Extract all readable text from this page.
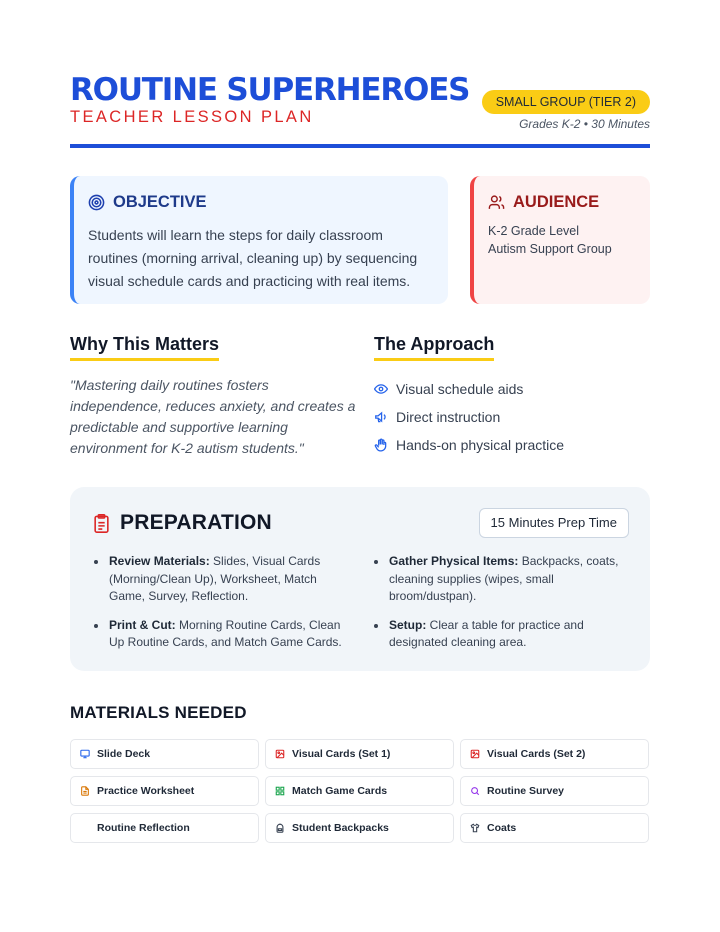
ROUTINE SUPERHEROES
TEACHER LESSON PLAN
SMALL GROUP (TIER 2)
Grades K-2 • 30 Minutes
OBJECTIVE
Students will learn the steps for daily classroom routines (morning arrival, cleaning up) by sequencing visual schedule cards and practicing with real items.
AUDIENCE
K-2 Grade Level
Autism Support Group
Why This Matters
"Mastering daily routines fosters independence, reduces anxiety, and creates a predictable and supportive learning environment for K-2 autism students."
The Approach
Visual schedule aids
Direct instruction
Hands-on physical practice
PREPARATION	15 Minutes Prep Time
Review Materials: Slides, Visual Cards (Morning/Clean Up), Worksheet, Match Game, Survey, Reflection.
Print & Cut: Morning Routine Cards, Clean Up Routine Cards, and Match Game Cards.
Gather Physical Items: Backpacks, coats, cleaning supplies (wipes, small broom/dustpan).
Setup: Clear a table for practice and designated cleaning area.
MATERIALS NEEDED
Slide Deck	Visual Cards (Set 1)	Visual Cards (Set 2)
Practice Worksheet	Match Game Cards	Routine Survey
Routine Reflection	Student Backpacks	Coats
